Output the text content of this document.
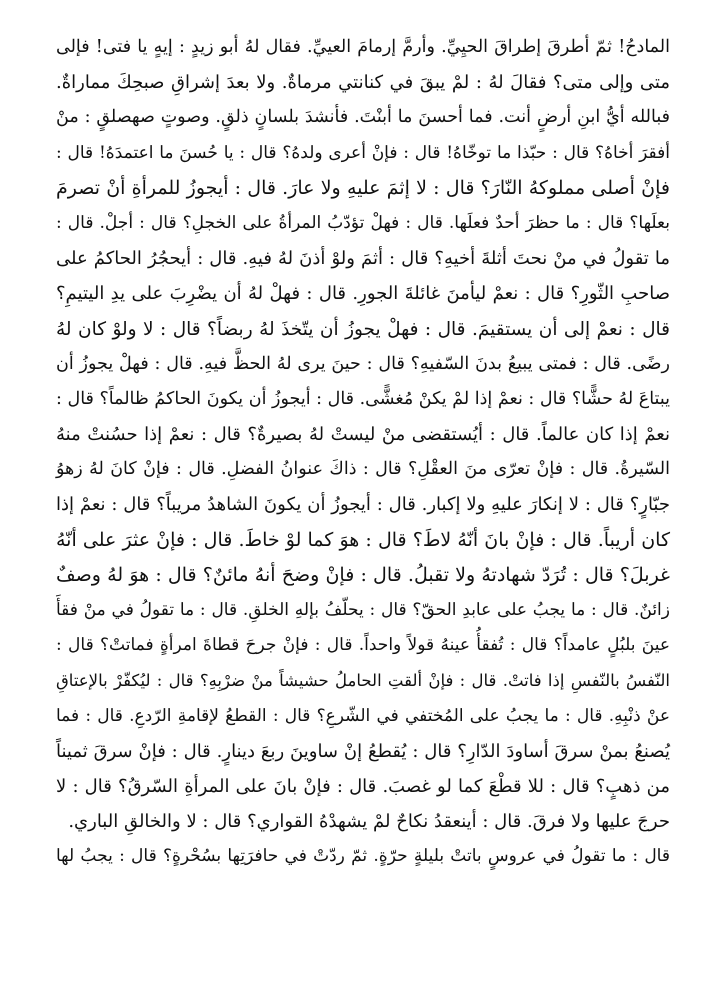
المادحُ! ثمّ أطرقَ إطراقَ الحيِيِّ. وأرمَّ إرمامَ العييِّ. فقال لهُ أبو زيدٍ : إيهٍ يا فتى! فإلى
متى وإلى متى؟ فقالَ لهُ : لمْ يبقَ في كنانتي مرماةٌ. ولا بعدَ إشراقِ صبحِكَ مماراةٌ.
فبالله أيُّ ابنِ أرضٍ أنت. فما أحسنَ ما أبنْتَ. فأنشدَ بلسانٍ ذلقٍ. وصوتٍ صهصلقٍ : منْ
أفقرَ أخاهُ؟ قال : حبّذا ما توخّاهُ! قال : فإنْ أعرى ولدهُ؟ قال : يا حُسنَ ما اعتمدَهُ! قال :
فإنْ أصلى مملوكهُ النّارَ؟ قال : لا إثمَ عليهِ ولا عارَ. قال : أيجوزُ للمرأةِ أنْ تصرمَ
بعلَها؟ قال : ما حظرَ أحدٌ فعلَها. قال : فهلْ تؤدّبُ المرأةُ على الخجلِ؟ قال : أجلْ. قال :
ما تقولُ في منْ نحتَ أثلةَ أخيهِ؟ قال : أثمَ ولوْ أذنَ لهُ فيهِ. قال : أيحجُرُ الحاكمُ على
صاحبِ الثّورِ؟ قال : نعمْ ليأمنَ غائلةَ الجورِ. قال : فهلْ لهُ أن يضْرِبَ على يدِ اليتيمِ؟
قال : نعمْ إلى أن يستقيمَ. قال : فهلْ يجوزُ أن يتّخذَ لهُ ربضاً؟ قال : لا ولوْ كان لهُ
رضًى. قال : فمتى يبيعُ بدنَ السّفيهِ؟ قال : حينَ يرى لهُ الحظَّ فيهِ. قال : فهلْ يجوزُ أن
يبتاعَ لهُ حشًّا؟ قال : نعمْ إذا لمْ يكنْ مُغشًّى. قال : أيجوزُ أن يكونَ الحاكمُ ظالماً؟ قال :
نعمْ إذا كان عالماً. قال : أيُستقضى منْ ليستْ لهُ بصيرةٌ؟ قال : نعمْ إذا حسُنتْ منهُ
السّيرةُ. قال : فإنْ تعرّى منَ العقْلِ؟ قال : ذاكَ عنوانُ الفضلِ. قال : فإنْ كانَ لهُ زهوُ
جبّارٍ؟ قال : لا إنكارَ عليهِ ولا إكبار. قال : أيجوزُ أن يكونَ الشاهدُ مريباً؟ قال : نعمْ إذا
كان أريباً. قال : فإنْ بانَ أنّهُ لاطَ؟ قال : هوَ كما لوْ خاطَ. قال : فإنْ عثرَ على أنّهُ
غربلَ؟ قال : تُرَدّ شهادتهُ ولا تقبلُ. قال : فإنْ وضحَ أنهُ مائنٌ؟ قال : هوَ لهُ وصفٌ
زائنٌ. قال : ما يجبُ على عابدِ الحقّ؟ قال : يحلّفُ بإلهِ الخلقِ. قال : ما تقولُ في منْ فقأَ
عينَ بلبُلٍ عامداً؟ قال : تُفقأُ عينهُ قولاً واحداً. قال : فإنْ جرحَ قطاةَ امرأةٍ فماتتْ؟ قال :
النّفسُ بالنّفسِ إذا فاتتْ. قال : فإنْ ألقتِ الحاملُ حشيشاً منْ ضرْبِهِ؟ قال : ليُكفّرْ بالإعتاقِ
عنْ ذنْبِهِ. قال : ما يجبُ على المُختفي في الشّرعِ؟ قال : القطعُ لإقامةِ الرّدعِ. قال : فما
يُصنعُ بمنْ سرقَ أساودَ الدّارِ؟ قال : يُقطعُ إنْ ساوينَ ربعَ دينارٍ. قال : فإنْ سرقَ ثميناً
من ذهبٍ؟ قال : للا قطْعَ كما لو غصبَ. قال : فإنْ بانَ على المرأةِ السّرقُ؟ قال : لا
حرجَ عليها ولا فرقَ. قال : أينعقدُ نكاحٌ لمْ يشهدْهُ القواري؟ قال : لا والخالقِ الباري.
قال : ما تقولُ في عروسٍ باتتْ بليلةٍ حرّةٍ. ثمّ ردّتْ في حافرَتِها بسُحْرةٍ؟ قال : يجبُ لها
